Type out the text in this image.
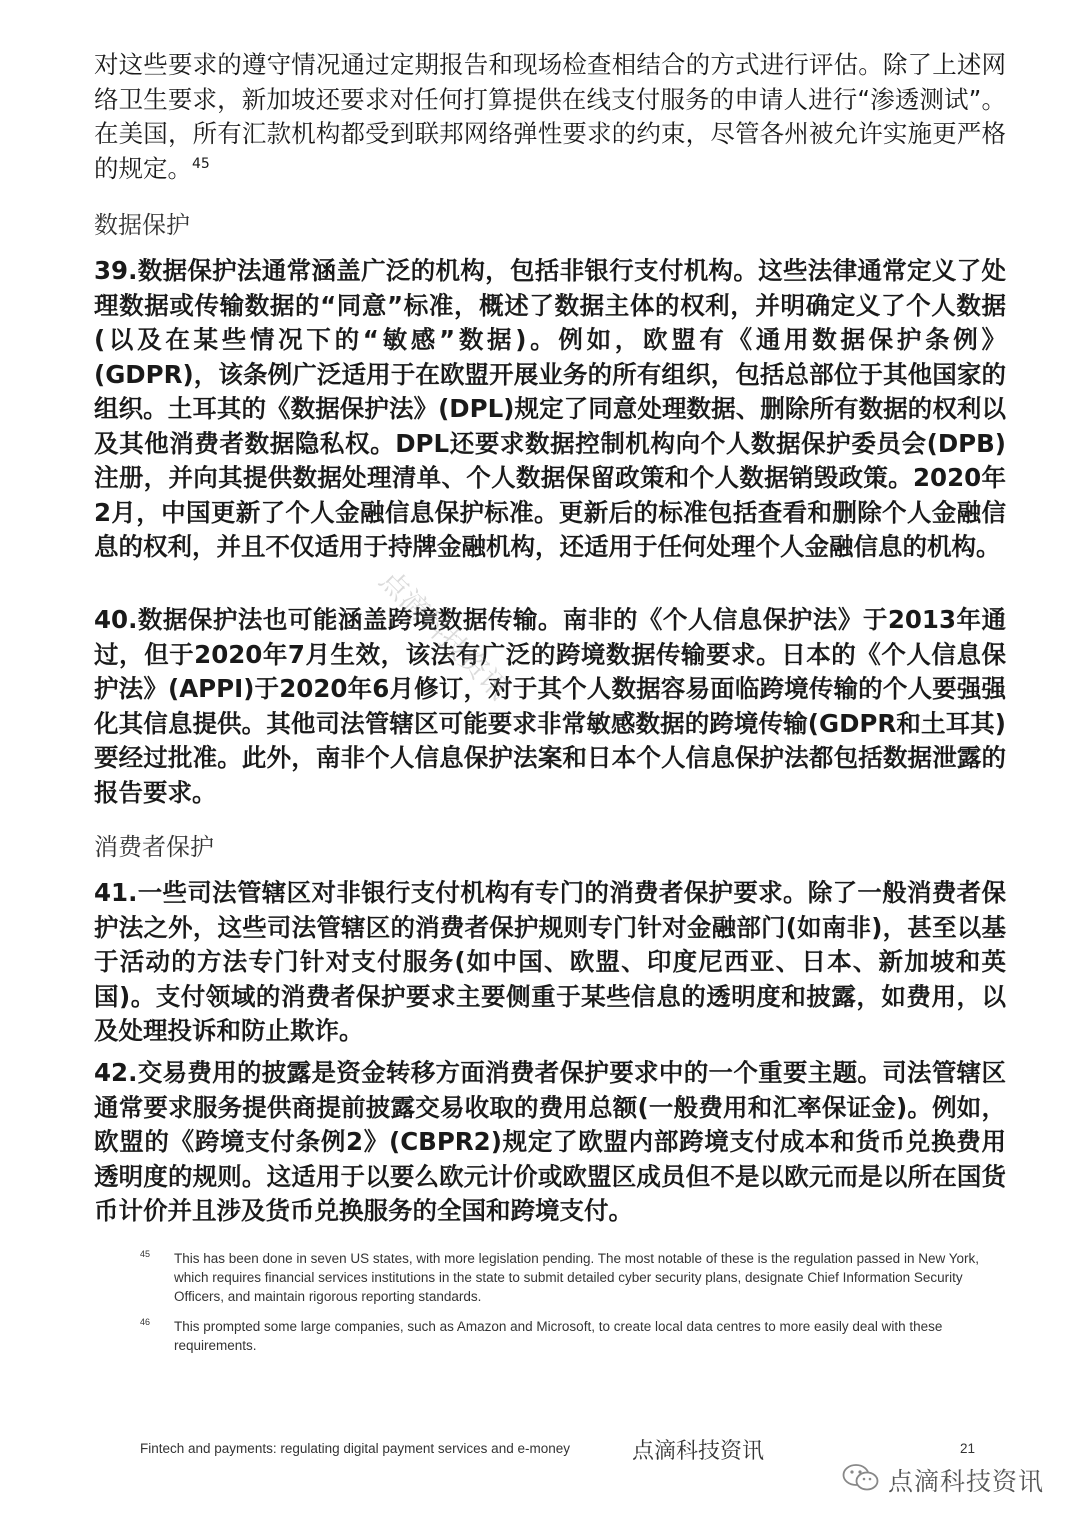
对这些要求的遵守情况通过定期报告和现场检查相结合的方式进行评估。除了上述网络卫生要求，新加坡还要求对任何打算提供在线支付服务的申请人进行“渗透测试”。在美国，所有汇款机构都受到联邦网络弹性要求的约束，尽管各州被允许实施更严格的规定。$^{45}$

数据保护

39.数据保护法通常涵盖广泛的机构，包括非银行支付机构。这些法律通常定义了处理数据或传输数据的“同意”标准，概述了数据主体的权利，并明确定义了个人数据(以及在某些情况下的“敏感”数据)。例如，欧盟有《通用数据保护条例》(GDPR)，该条例广泛适用于在欧盟开展业务的所有组织，包括总部位于其他国家的组织。土耳其的《数据保护法》(DPL)规定了同意处理数据、删除所有数据的权利以及其他消费者数据隐私权。DPL还要求数据控制机构向个人数据保护委员会(DPB)注册，并向其提供数据处理清单、个人数据保留政策和个人数据销毁政策。2020年2月，中国更新了个人金融信息保护标准。更新后的标准包括查看和删除个人金融信息的权利，并且不仅适用于持牌金融机构，还适用于任何处理个人金融信息的机构。

40.数据保护法也可能涵盖跨境数据传输。南非的《个人信息保护法》于2013年通过，但于2020年7月生效，该法有广泛的跨境数据传输要求。日本的《个人信息保护法》(APPI)于2020年6月修订，对于其个人数据容易面临跨境传输的个人要强强化其信息提供。其他司法管辖区可能要求非常敏感数据的跨境传输(GDPR和土耳其)要经过批准。此外，南非个人信息保护法案和日本个人信息保护法都包括数据泄露的报告要求。

消费者保护

41.一些司法管辖区对非银行支付机构有专门的消费者保护要求。除了一般消费者保护法之外，这些司法管辖区的消费者保护规则专门针对金融部门(如南非)，甚至以基于活动的方法专门针对支付服务(如中国、欧盟、印度尼西亚、日本、新加坡和英国)。支付领域的消费者保护要求主要侧重于某些信息的透明度和披露，如费用，以及处理投诉和防止欺诈。

42.交易费用的披露是资金转移方面消费者保护要求中的一个重要主题。司法管辖区通常要求服务提供商提前披露交易收取的费用总额(一般费用和汇率保证金)。例如，欧盟的《跨境支付条例2》(CBPR2)规定了欧盟内部跨境支付成本和货币兑换费用透明度的规则。这适用于以要么欧元计价或欧盟区成员但不是以欧元而是以所在国货币计价并且涉及货币兑换服务的全国和跨境支付。

45 This has been done in seven US states, with more legislation pending. The most notable of these is the regulation passed in New York, which requires financial services institutions in the state to submit detailed cyber security plans, designate Chief Information Security Officers, and maintain rigorous reporting standards.
46 This prompted some large companies, such as Amazon and Microsoft, to create local data centres to more easily deal with these requirements.
Fintech and payments: regulating digital payment services and e-money	点滴科技资讯	21
点滴科技资讯
点滴科技资讯
